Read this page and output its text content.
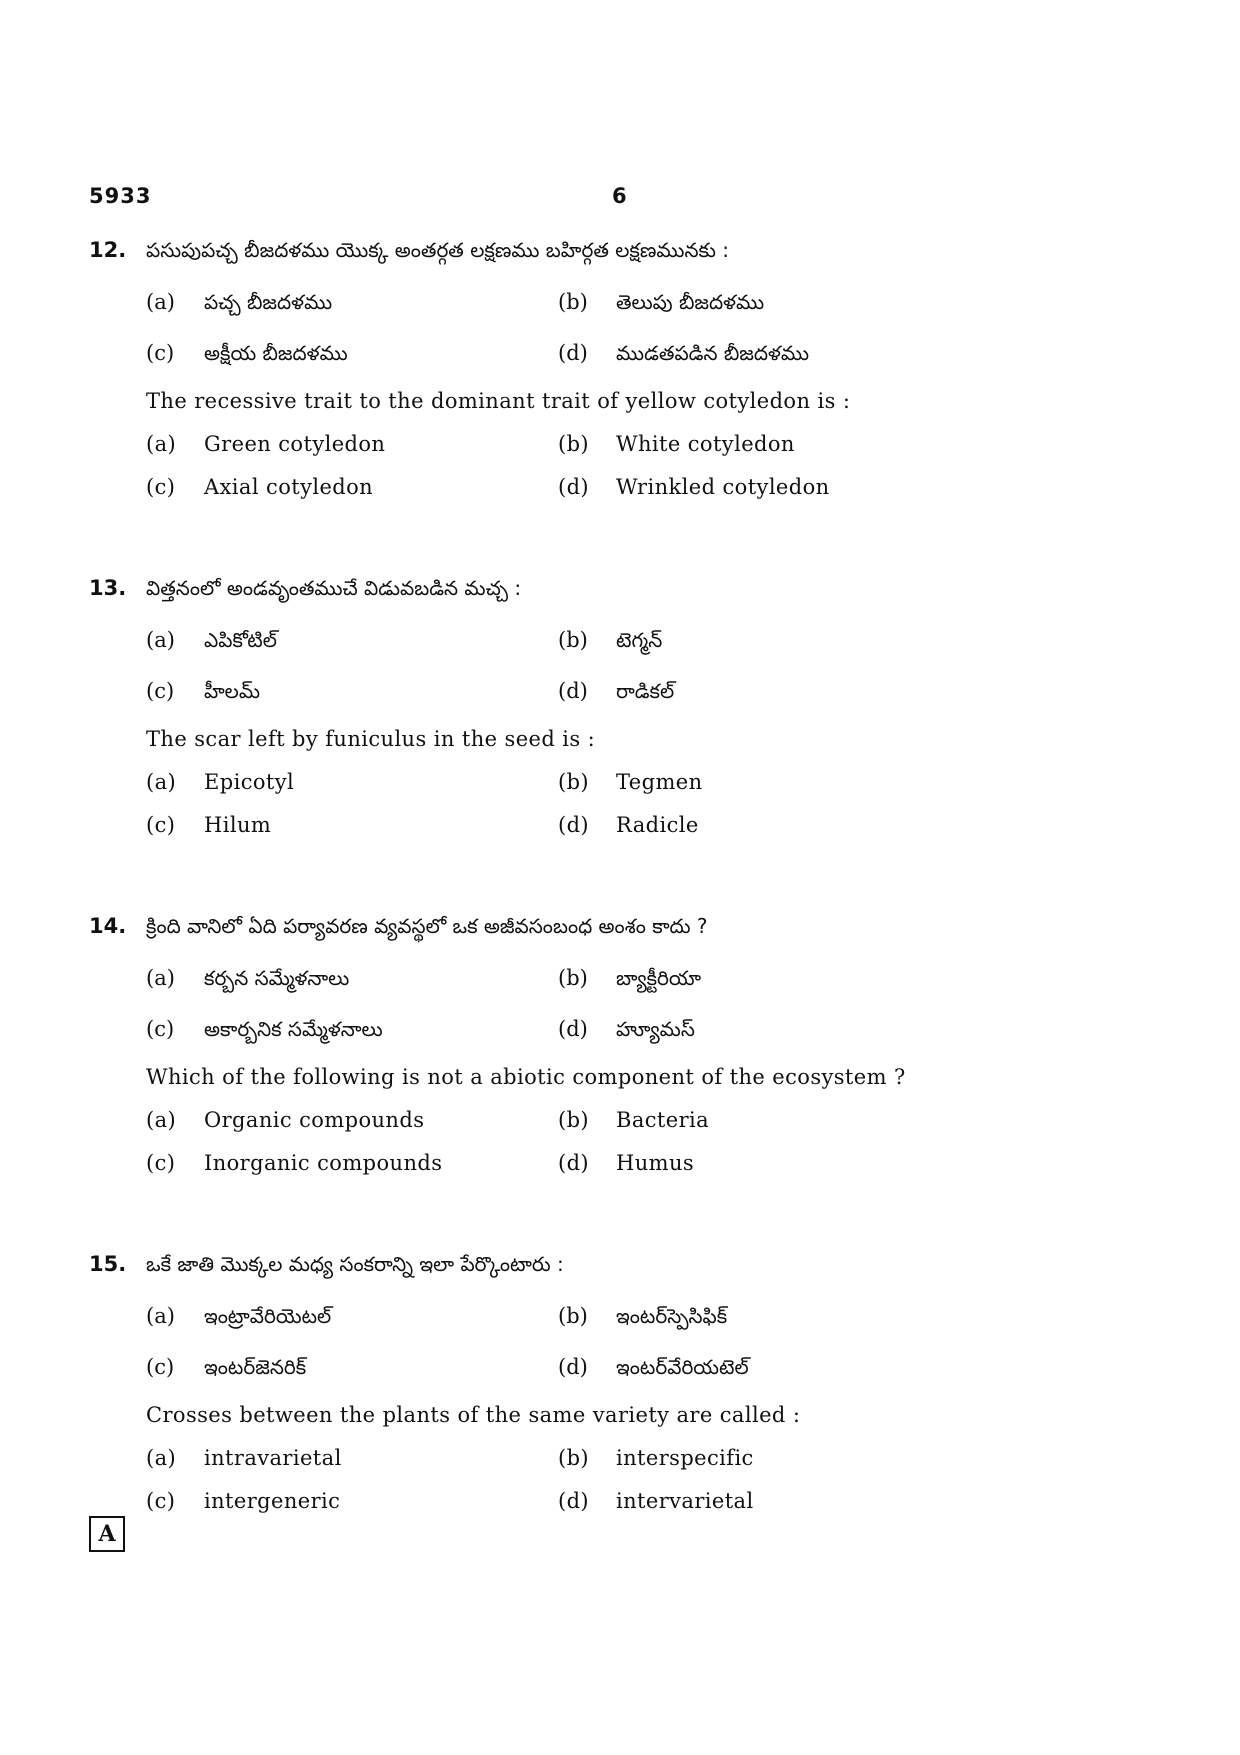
5933	6
12. పసుపుపచ్చ బీజదళము యొక్క అంతర్గత లక్షణము బహిర్గత లక్షణమునకు :
(a) పచ్చ బీజదళము	(b) తెలుపు బీజదళము
(c) అక్షీయ బీజదళము	(d) ముడతపడిన బీజదళము
The recessive trait to the dominant trait of yellow cotyledon is :
(a) Green cotyledon	(b) White cotyledon
(c) Axial cotyledon	(d) Wrinkled cotyledon
13. విత్తనంలో అండవృంతముచే విడువబడిన మచ్చ :
(a) ఎపికోటిల్	(b) టెగ్మన్
(c) హీలమ్	(d) రాడికల్
The scar left by funiculus in the seed is :
(a) Epicotyl	(b) Tegmen
(c) Hilum	(d) Radicle
14. క్రింది వానిలో ఏది పర్యావరణ వ్యవస్థలో ఒక అజీవసంబంధ అంశం కాదు ?
(a) కర్బన సమ్మేళనాలు	(b) బ్యాక్టీరియా
(c) అకార్బనిక సమ్మేళనాలు	(d) హ్యూమస్
Which of the following is not a abiotic component of the ecosystem ?
(a) Organic compounds	(b) Bacteria
(c) Inorganic compounds	(d) Humus
15. ఒకే జాతి మొక్కల మధ్య సంకరాన్ని ఇలా పేర్కొంటారు :
(a) ఇంట్రావేరియెటల్	(b) ఇంటర్‌స్పెసిఫిక్
(c) ఇంటర్‌జెనరిక్	(d) ఇంటర్‌వేరియటెల్
Crosses between the plants of the same variety are called :
(a) intravarietal	(b) interspecific
(c) intergeneric	(d) intervarietal
A
